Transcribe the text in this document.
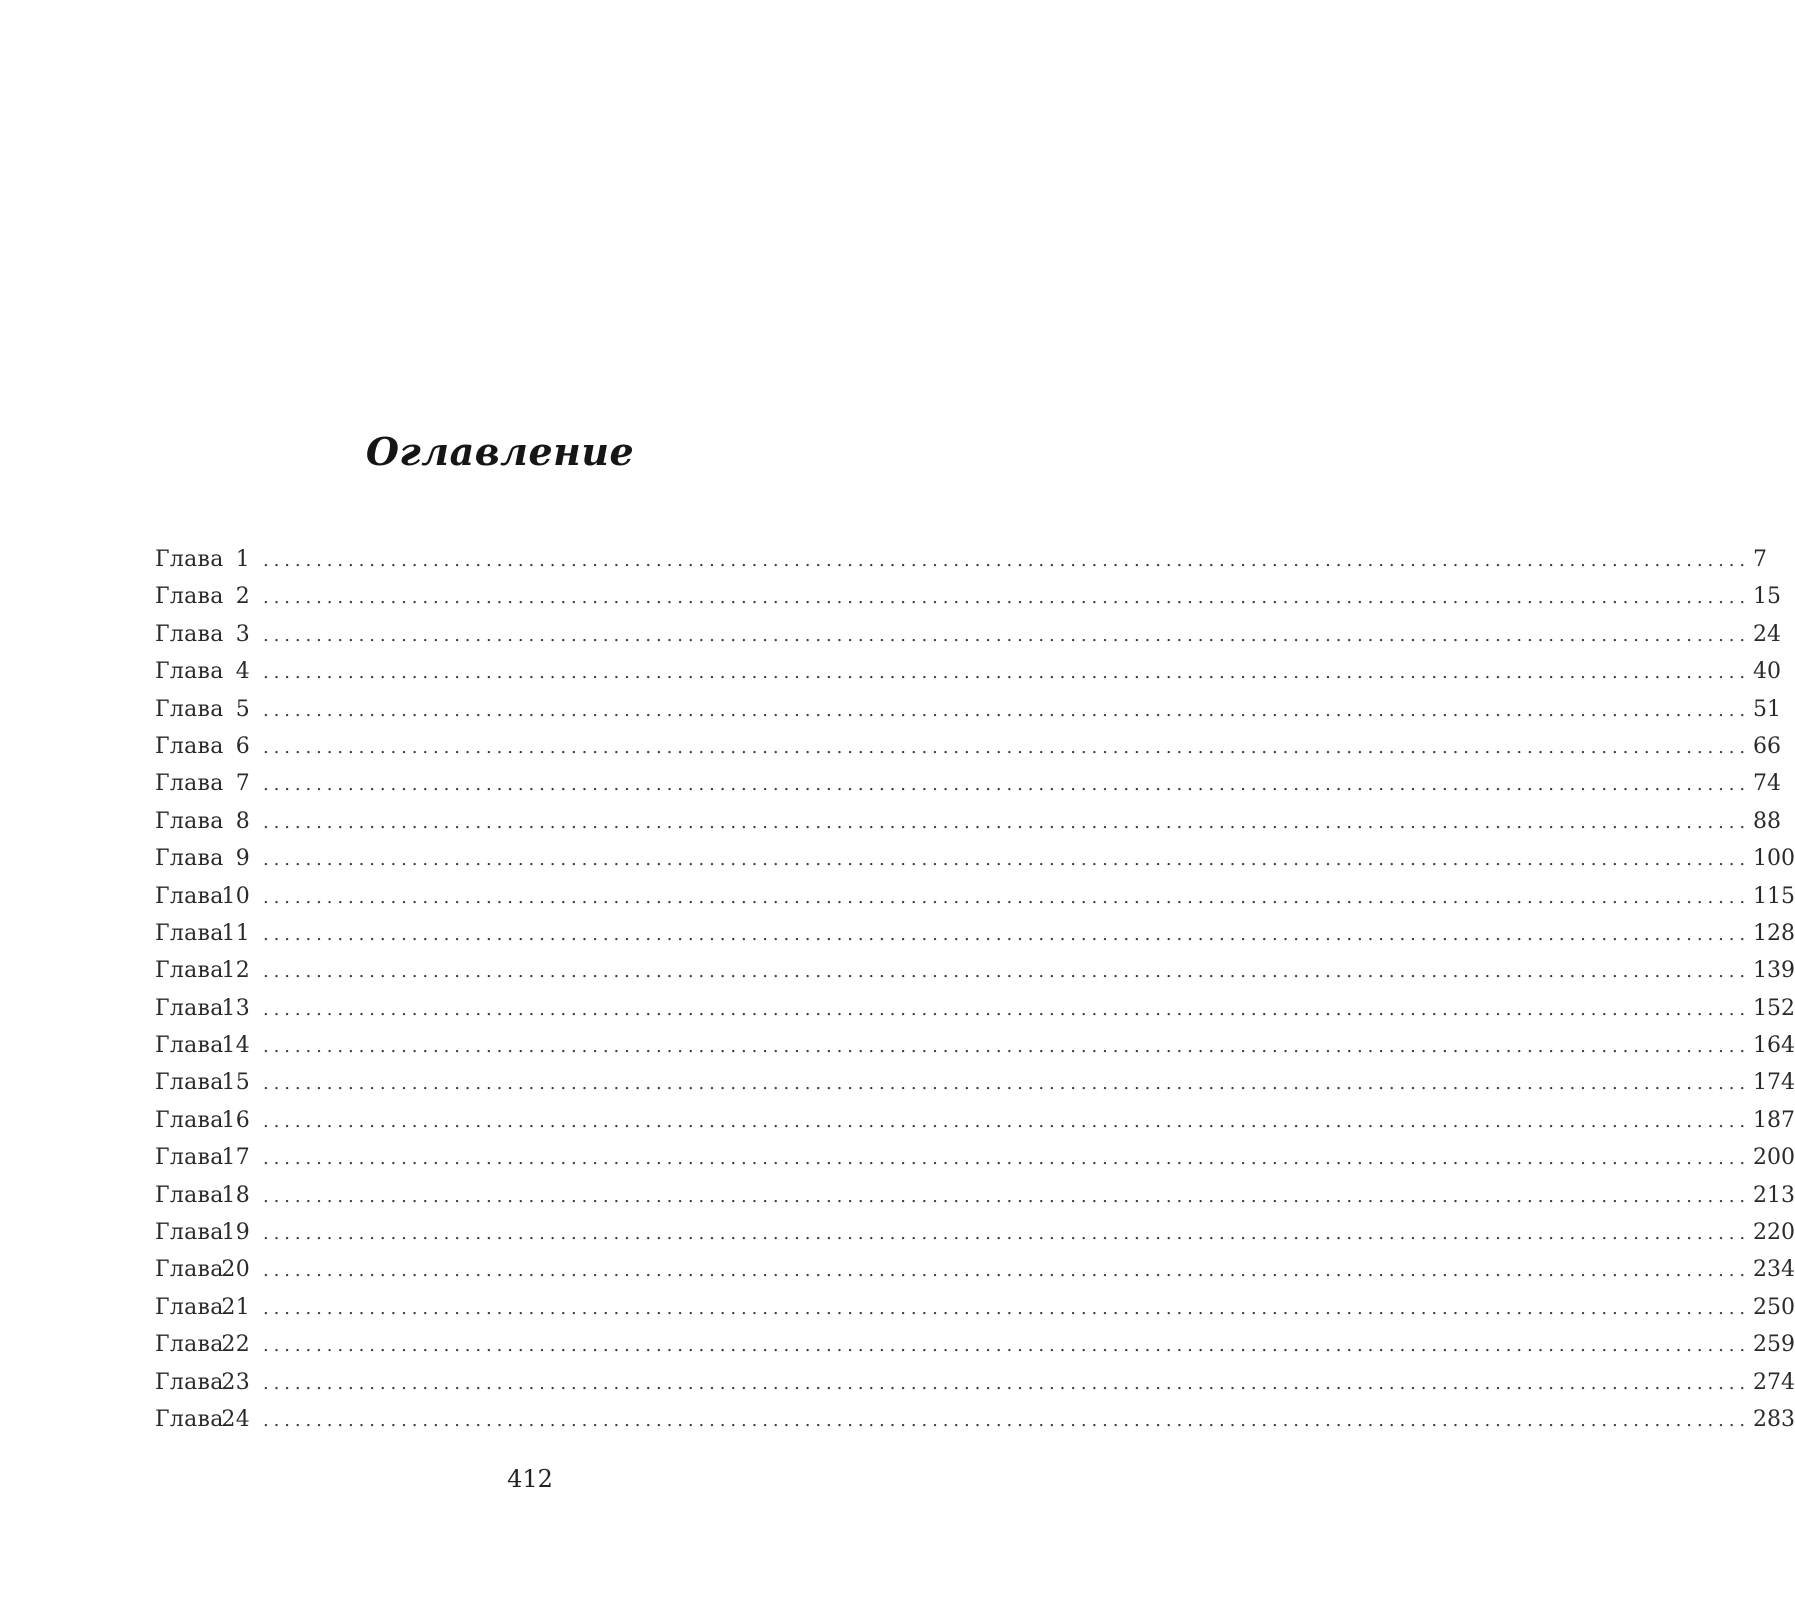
Оглавление
Глава 1 ............................................................................................................................................ 7
Глава 2 ............................................................................................................................................ 15
Глава 3 ............................................................................................................................................ 24
Глава 4 ............................................................................................................................................ 40
Глава 5 ............................................................................................................................................ 51
Глава 6 ............................................................................................................................................ 66
Глава 7 ............................................................................................................................................ 74
Глава 8 ............................................................................................................................................ 88
Глава 9 ............................................................................................................................................ 100
Глава10 ............................................................................................................................................ 115
Глава11 ............................................................................................................................................ 128
Глава12 ............................................................................................................................................ 139
Глава13 ............................................................................................................................................ 152
Глава14 ............................................................................................................................................ 164
Глава15 ............................................................................................................................................ 174
Глава16 ............................................................................................................................................ 187
Глава17 ............................................................................................................................................ 200
Глава18 ............................................................................................................................................ 213
Глава19 ............................................................................................................................................ 220
Глава20 ............................................................................................................................................ 234
Глава21 ............................................................................................................................................ 250
Глава22 ............................................................................................................................................ 259
Глава23 ............................................................................................................................................ 274
Глава24 ............................................................................................................................................ 283
412
